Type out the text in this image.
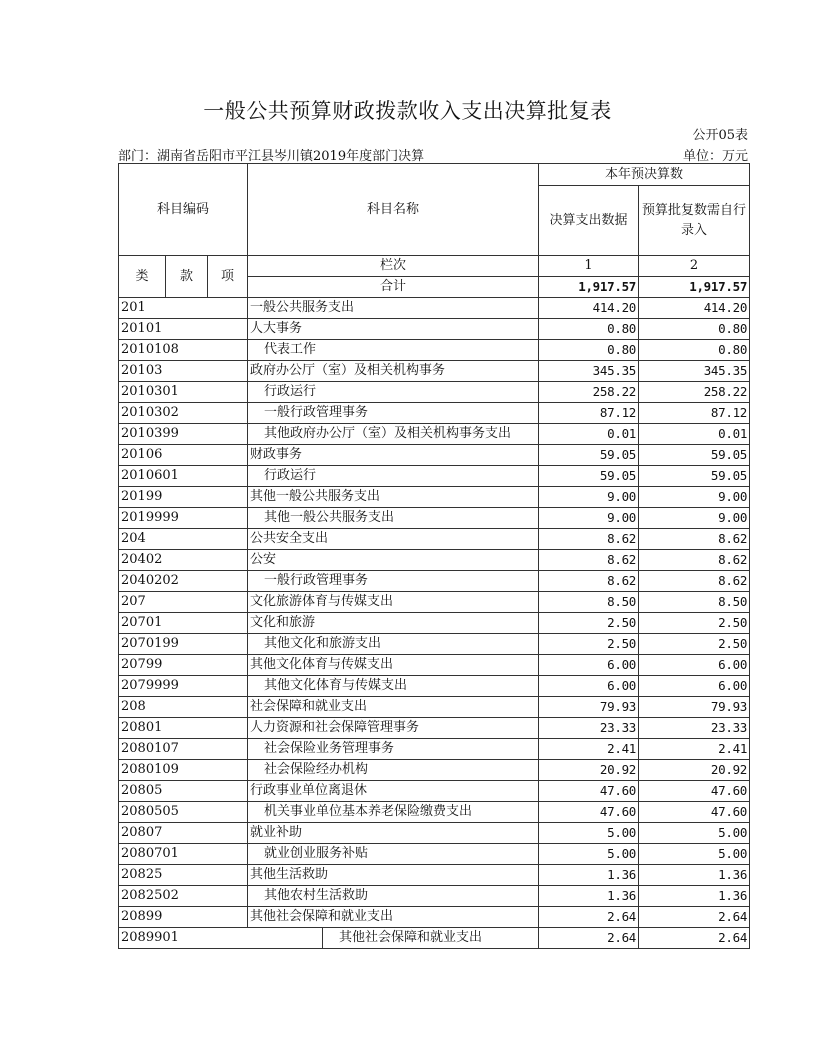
一般公共预算财政拨款收入支出决算批复表
公开05表
部门：湖南省岳阳市平江县岑川镇2019年度部门决算	单位：万元
科目编码			科目名称		本年预决算数	
					决算支出数据	预算批复数需自行录入
类	款	项	栏次		1	2
			合计		1,917.57	1,917.57
201			一般公共服务支出		414.20	414.20
20101			人大事务		0.80	0.80
2010108			代表工作		0.80	0.80
20103			政府办公厅（室）及相关机构事务		345.35	345.35
2010301			行政运行		258.22	258.22
2010302			一般行政管理事务		87.12	87.12
2010399			其他政府办公厅（室）及相关机构事务支出		0.01	0.01
20106			财政事务		59.05	59.05
2010601			行政运行		59.05	59.05
20199			其他一般公共服务支出		9.00	9.00
2019999			其他一般公共服务支出		9.00	9.00
204			公共安全支出		8.62	8.62
20402			公安		8.62	8.62
2040202			一般行政管理事务		8.62	8.62
207			文化旅游体育与传媒支出		8.50	8.50
20701			文化和旅游		2.50	2.50
2070199			其他文化和旅游支出		2.50	2.50
20799			其他文化体育与传媒支出		6.00	6.00
2079999			其他文化体育与传媒支出		6.00	6.00
208			社会保障和就业支出		79.93	79.93
20801			人力资源和社会保障管理事务		23.33	23.33
2080107			社会保险业务管理事务		2.41	2.41
2080109			社会保险经办机构		20.92	20.92
20805			行政事业单位离退休		47.60	47.60
2080505			机关事业单位基本养老保险缴费支出		47.60	47.60
20807			就业补助		5.00	5.00
2080701			就业创业服务补贴		5.00	5.00
20825			其他生活救助		1.36	1.36
2082502			其他农村生活救助		1.36	1.36
20899			其他社会保障和就业支出		2.64	2.64
2089901				其他社会保障和就业支出	2.64	2.64
